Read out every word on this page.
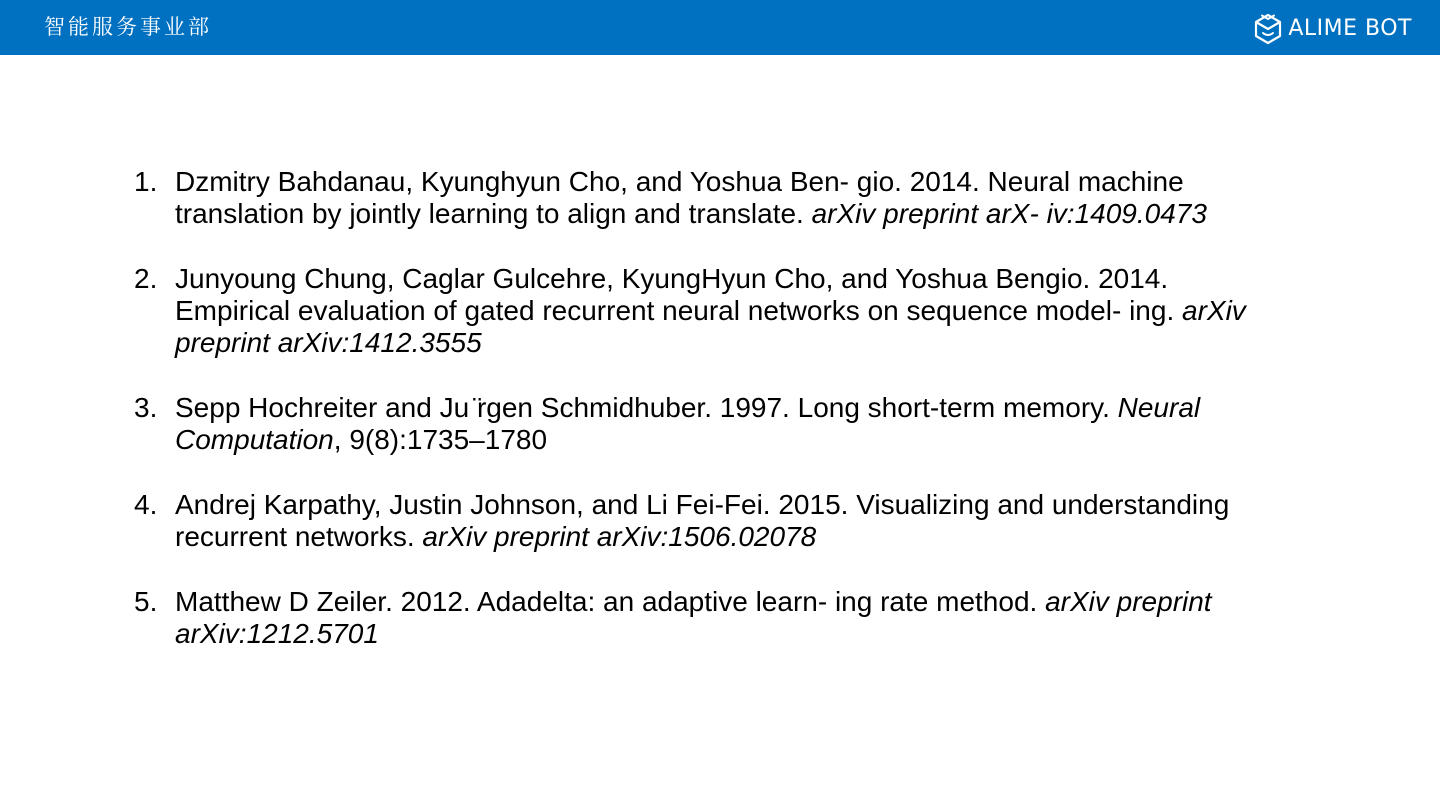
智能服务事业部	ALIME BOT
1. Dzmitry Bahdanau, Kyunghyun Cho, and Yoshua Ben- gio. 2014. Neural machine translation by jointly learning to align and translate. arXiv preprint arX- iv:1409.0473
2. Junyoung Chung, Caglar Gulcehre, KyungHyun Cho, and Yoshua Bengio. 2014. Empirical evaluation of gated recurrent neural networks on sequence model- ing. arXiv preprint arXiv:1412.3555
3. Sepp Hochreiter and Ju ̈rgen Schmidhuber. 1997. Long short-term memory. Neural Computation, 9(8):1735–1780
4. Andrej Karpathy, Justin Johnson, and Li Fei-Fei. 2015. Visualizing and understanding recurrent networks. arXiv preprint arXiv:1506.02078
5. Matthew D Zeiler. 2012. Adadelta: an adaptive learn- ing rate method. arXiv preprint arXiv:1212.5701
